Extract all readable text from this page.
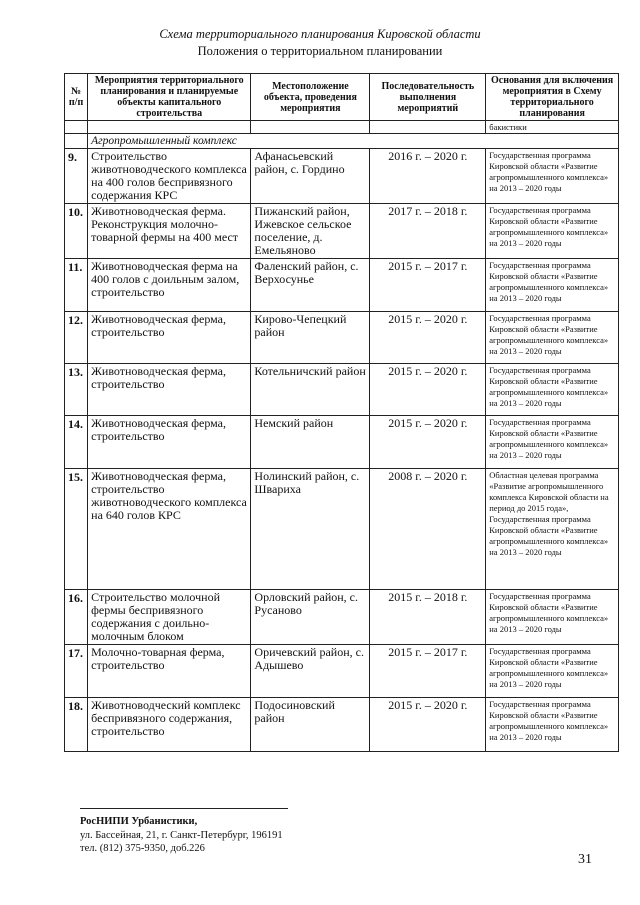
Схема территориального планирования Кировской области
Положения о территориальном планировании
№ п/п	Мероприятия территориального планирования и планируемые объекты капитального строительства	Местоположение объекта, проведения мероприятия	Последовательность выполнения мероприятий	Основания для включения мероприятия в Схему территориального планирования
				бакистики
	Агропромышленный комплекс			
9.	Строительство животноводческого комплекса на 400 голов беспривязного содержания КРС	Афанасьевский район, с. Гордино	2016 г. – 2020 г.	Государственная программа Кировской области «Развитие агропромышленного комплекса» на 2013 – 2020 годы
10.	Животноводческая ферма. Реконструкция молочно-товарной фермы на 400 мест	Пижанский район, Ижевское сельское поселение, д. Емельяново	2017 г. – 2018 г.	Государственная программа Кировской области «Развитие агропромышленного комплекса» на 2013 – 2020 годы
11.	Животноводческая ферма на 400 голов с доильным залом, строительство	Фаленский район, с. Верхосунье	2015 г. – 2017 г.	Государственная программа Кировской области «Развитие агропромышленного комплекса» на 2013 – 2020 годы
12.	Животноводческая ферма, строительство	Кирово-Чепецкий район	2015 г. – 2020 г.	Государственная программа Кировской области «Развитие агропромышленного комплекса» на 2013 – 2020 годы
13.	Животноводческая ферма, строительство	Котельничский район	2015 г. – 2020 г.	Государственная программа Кировской области «Развитие агропромышленного комплекса» на 2013 – 2020 годы
14.	Животноводческая ферма, строительство	Немский район	2015 г. – 2020 г.	Государственная программа Кировской области «Развитие агропромышленного комплекса» на 2013 – 2020 годы
15.	Животноводческая ферма, строительство животноводческого комплекса на 640 голов КРС	Нолинский район, с. Швариха	2008 г. – 2020 г.	Областная целевая программа «Развитие агропромышленного комплекса Кировской области на период до 2015 года», Государственная программа Кировской области «Развитие агропромышленного комплекса» на 2013 – 2020 годы
16.	Строительство молочной фермы беспривязного содержания с доильно-молочным блоком	Орловский район, с. Русаново	2015 г. – 2018 г.	Государственная программа Кировской области «Развитие агропромышленного комплекса» на 2013 – 2020 годы
17.	Молочно-товарная ферма, строительство	Оричевский район, с. Адышево	2015 г. – 2017 г.	Государственная программа Кировской области «Развитие агропромышленного комплекса» на 2013 – 2020 годы
18.	Животноводческий комплекс беспривязного содержания, строительство	Подосиновский район	2015 г. – 2020 г.	Государственная программа Кировской области «Развитие агропромышленного комплекса» на 2013 – 2020 годы
РосНИПИ Урбанистики,
ул. Бассейная, 21, г. Санкт-Петербург, 196191
тел. (812) 375-9350, доб.226
31
